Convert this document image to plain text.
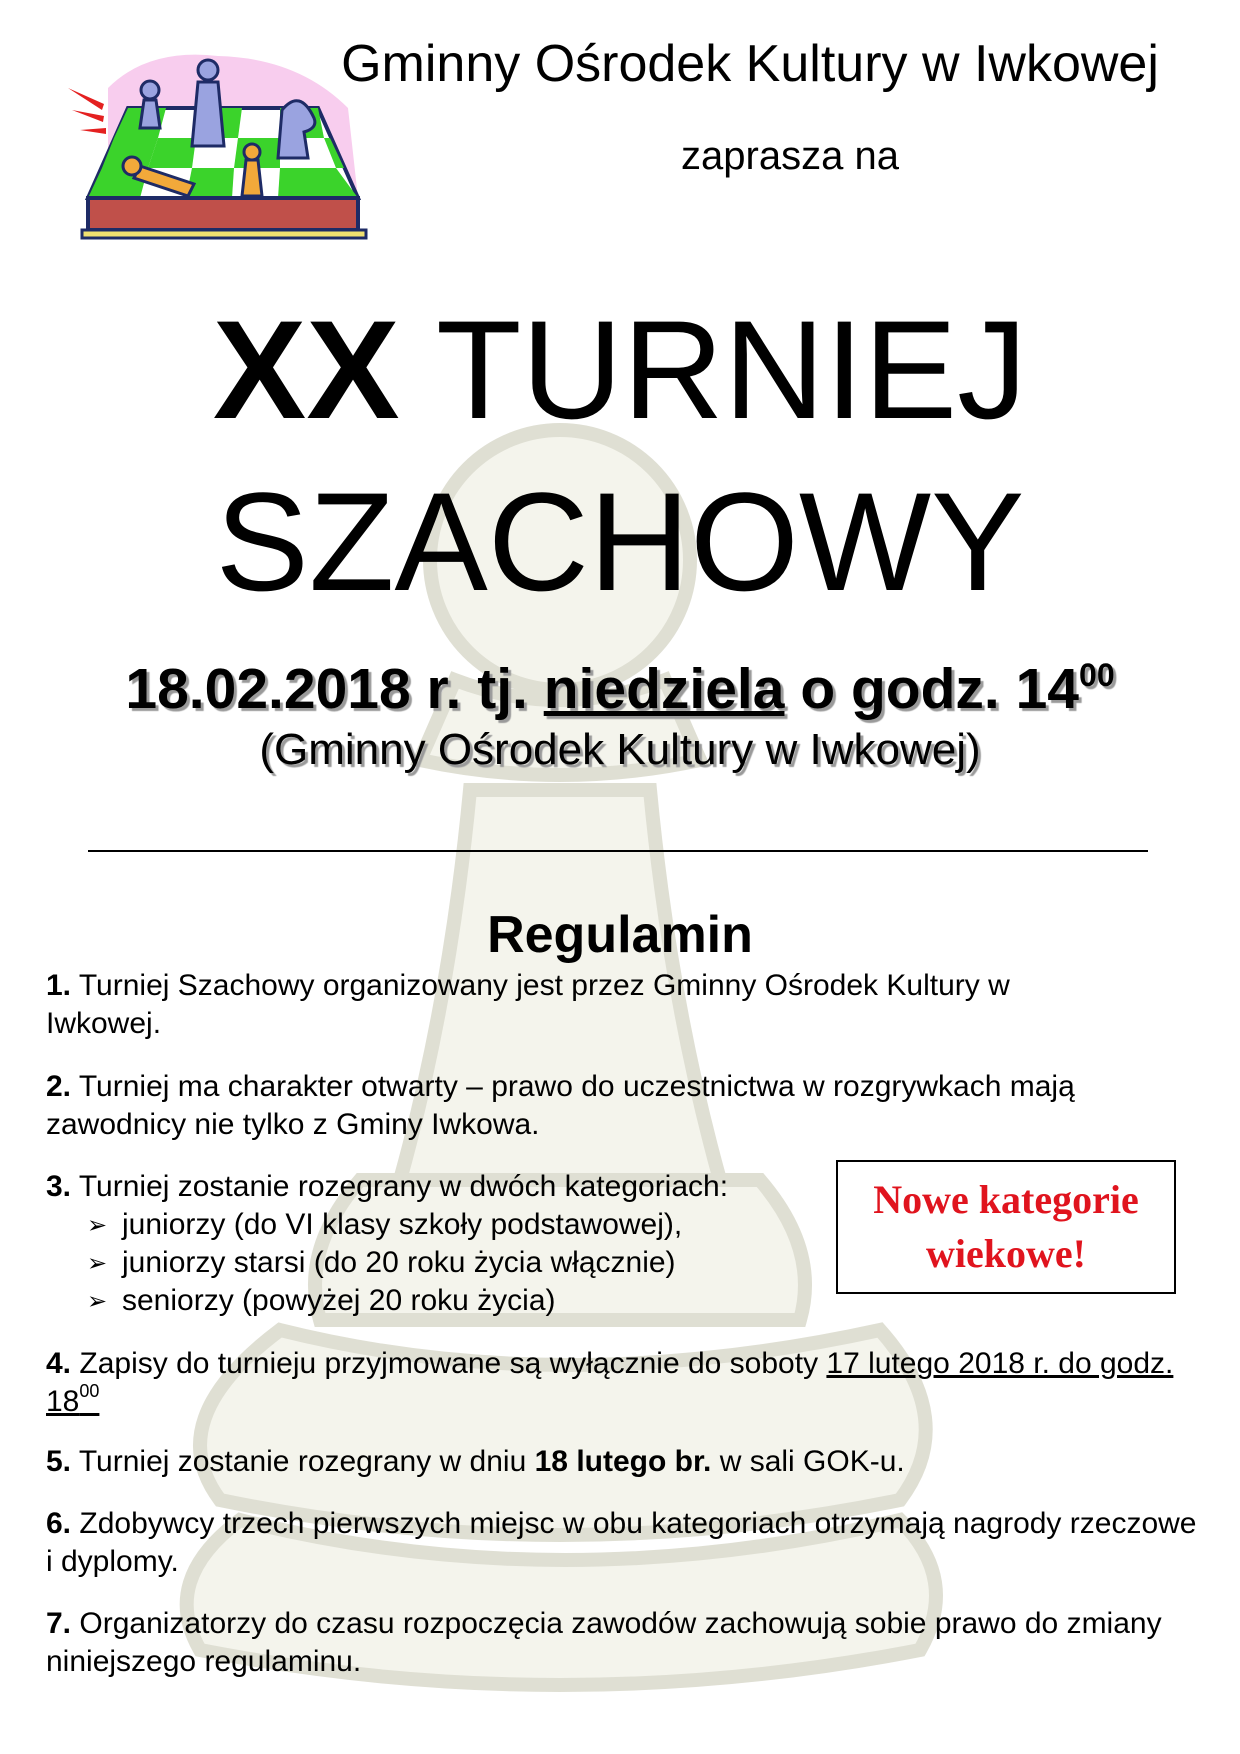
Gminny Ośrodek Kultury w Iwkowej
zaprasza na
XX TURNIEJ
SZACHOWY
18.02.2018 r. tj. niedziela o godz. $14^{00}$
(Gminny Ośrodek Kultury w Iwkowej)
Regulamin
1. Turniej Szachowy organizowany jest przez Gminny Ośrodek Kultury w Iwkowej.
2. Turniej ma charakter otwarty – prawo do uczestnictwa w rozgrywkach mają zawodnicy nie tylko z Gminy Iwkowa.
3. Turniej zostanie rozegrany w dwóch kategoriach:
➢ juniorzy (do VI klasy szkoły podstawowej),
➢ juniorzy starsi (do 20 roku życia włącznie)
➢ seniorzy (powyżej 20 roku życia)
Nowe kategorie
wiekowe!
4. Zapisy do turnieju przyjmowane są wyłącznie do soboty 17 lutego 2018 r. do godz. $18^{00}$
5. Turniej zostanie rozegrany w dniu 18 lutego br. w sali GOK-u.
6. Zdobywcy trzech pierwszych miejsc w obu kategoriach otrzymają nagrody rzeczowe i dyplomy.
7. Organizatorzy do czasu rozpoczęcia zawodów zachowują sobie prawo do zmiany niniejszego regulaminu.
